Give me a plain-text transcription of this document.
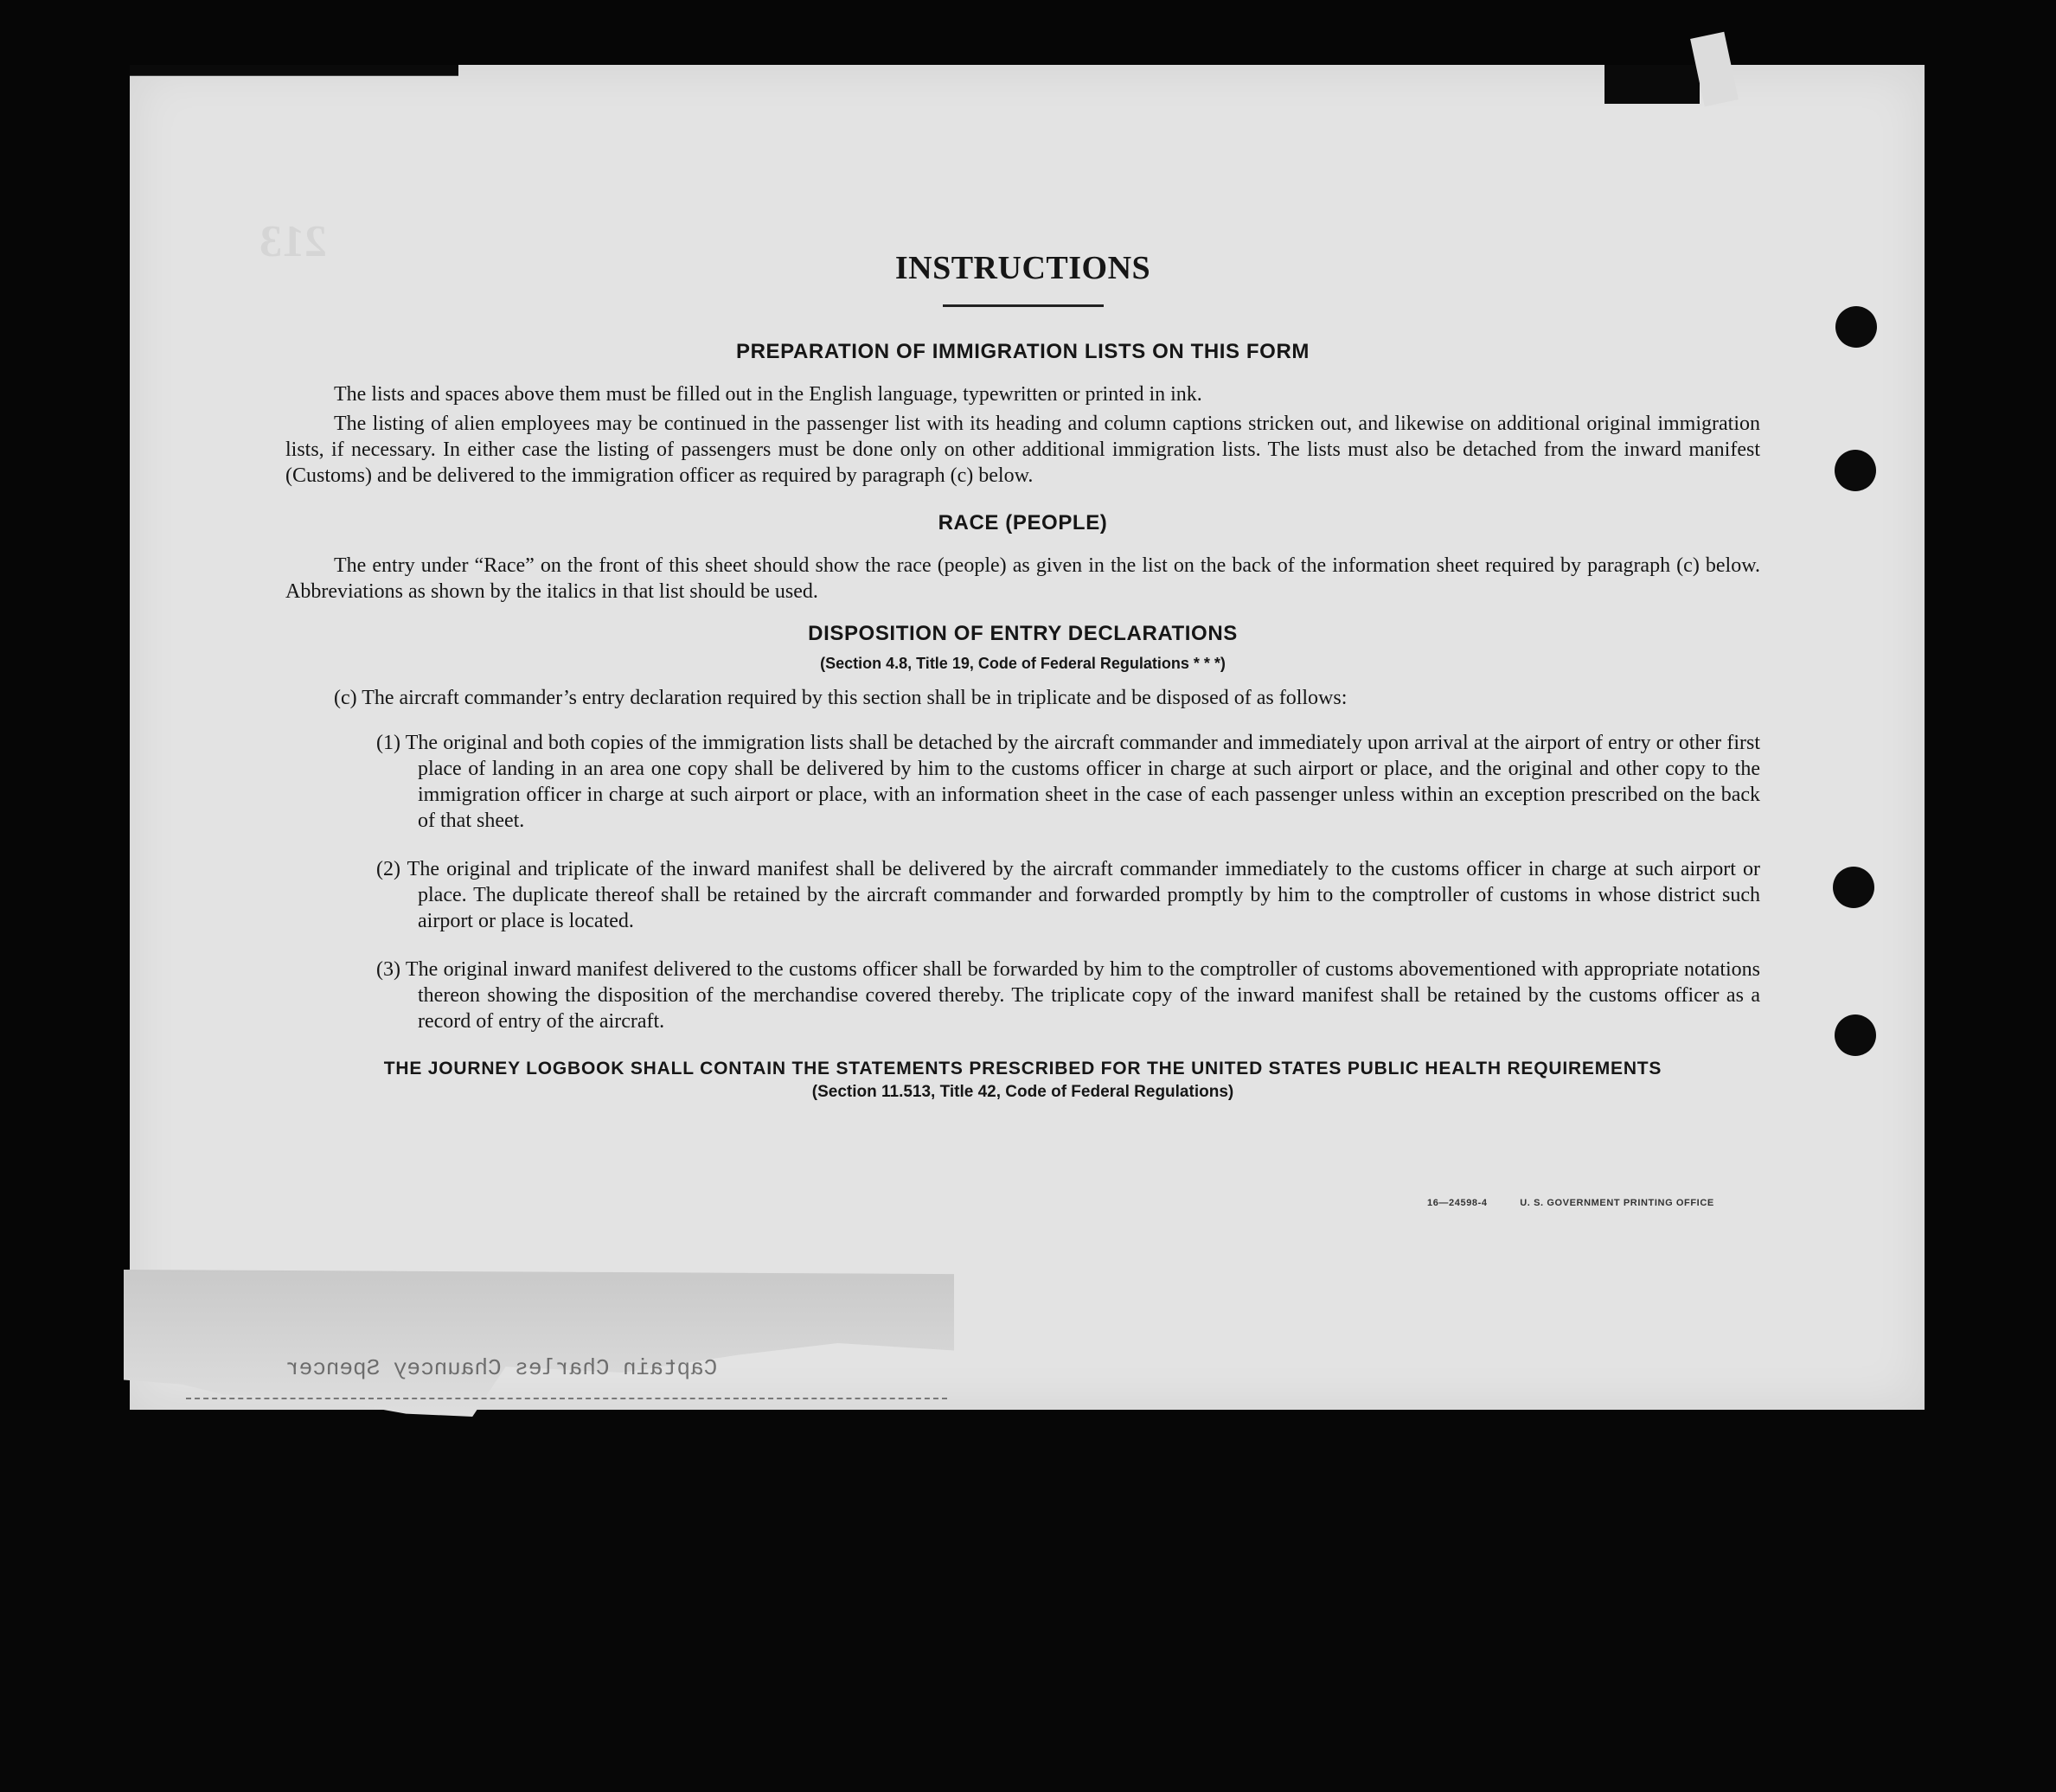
213
INSTRUCTIONS
PREPARATION OF IMMIGRATION LISTS ON THIS FORM

The lists and spaces above them must be filled out in the English language, typewritten or printed in ink.

The listing of alien employees may be continued in the passenger list with its heading and column captions stricken out, and likewise on additional original immigration lists, if necessary. In either case the listing of passengers must be done only on other additional immigration lists. The lists must also be detached from the inward manifest (Customs) and be delivered to the immigration officer as required by paragraph (c) below.

RACE (PEOPLE)

The entry under “Race” on the front of this sheet should show the race (people) as given in the list on the back of the information sheet required by paragraph (c) below. Abbreviations as shown by the italics in that list should be used.

DISPOSITION OF ENTRY DECLARATIONS
(Section 4.8, Title 19, Code of Federal Regulations * * *)
(c) The aircraft commander’s entry declaration required by this section shall be in triplicate and be disposed of as follows:
(1) The original and both copies of the immigration lists shall be detached by the aircraft commander and immediately upon arrival at the airport of entry or other first place of landing in an area one copy shall be delivered by him to the customs officer in charge at such airport or place, and the original and other copy to the immigration officer in charge at such airport or place, with an information sheet in the case of each passenger unless within an exception prescribed on the back of that sheet.
(2) The original and triplicate of the inward manifest shall be delivered by the aircraft commander immediately to the customs officer in charge at such airport or place. The duplicate thereof shall be retained by the aircraft commander and forwarded promptly by him to the comptroller of customs in whose district such airport or place is located.
(3) The original inward manifest delivered to the customs officer shall be forwarded by him to the comptroller of customs abovementioned with appropriate notations thereon showing the disposition of the merchandise covered thereby. The triplicate copy of the inward manifest shall be retained by the customs officer as a record of entry of the aircraft.
THE JOURNEY LOGBOOK SHALL CONTAIN THE STATEMENTS PRESCRIBED FOR THE UNITED STATES PUBLIC HEALTH REQUIREMENTS
(Section 11.513, Title 42, Code of Federal Regulations)
16—24598-4	U. S. GOVERNMENT PRINTING OFFICE
Captain Charles Chauncey Spencer
